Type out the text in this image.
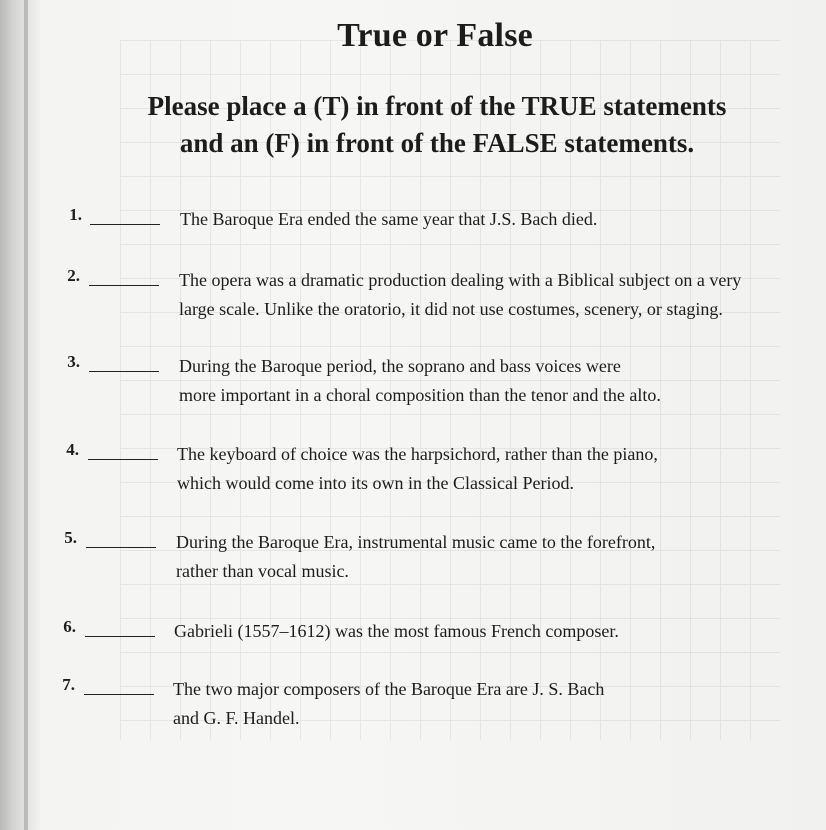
True or False
Please place a (T) in front of the TRUE statements
and an (F) in front of the FALSE statements.
1.	The Baroque Era ended the same year that J.S. Bach died.
2.	The opera was a dramatic production dealing with a Biblical subject on a very
large scale. Unlike the oratorio, it did not use costumes, scenery, or staging.
3.	During the Baroque period, the soprano and bass voices were
more important in a choral composition than the tenor and the alto.
4.	The keyboard of choice was the harpsichord, rather than the piano,
which would come into its own in the Classical Period.
5.	During the Baroque Era, instrumental music came to the forefront,
rather than vocal music.
6.	Gabrieli (1557–1612) was the most famous French composer.
7.	The two major composers of the Baroque Era are J. S. Bach
and G. F. Handel.
